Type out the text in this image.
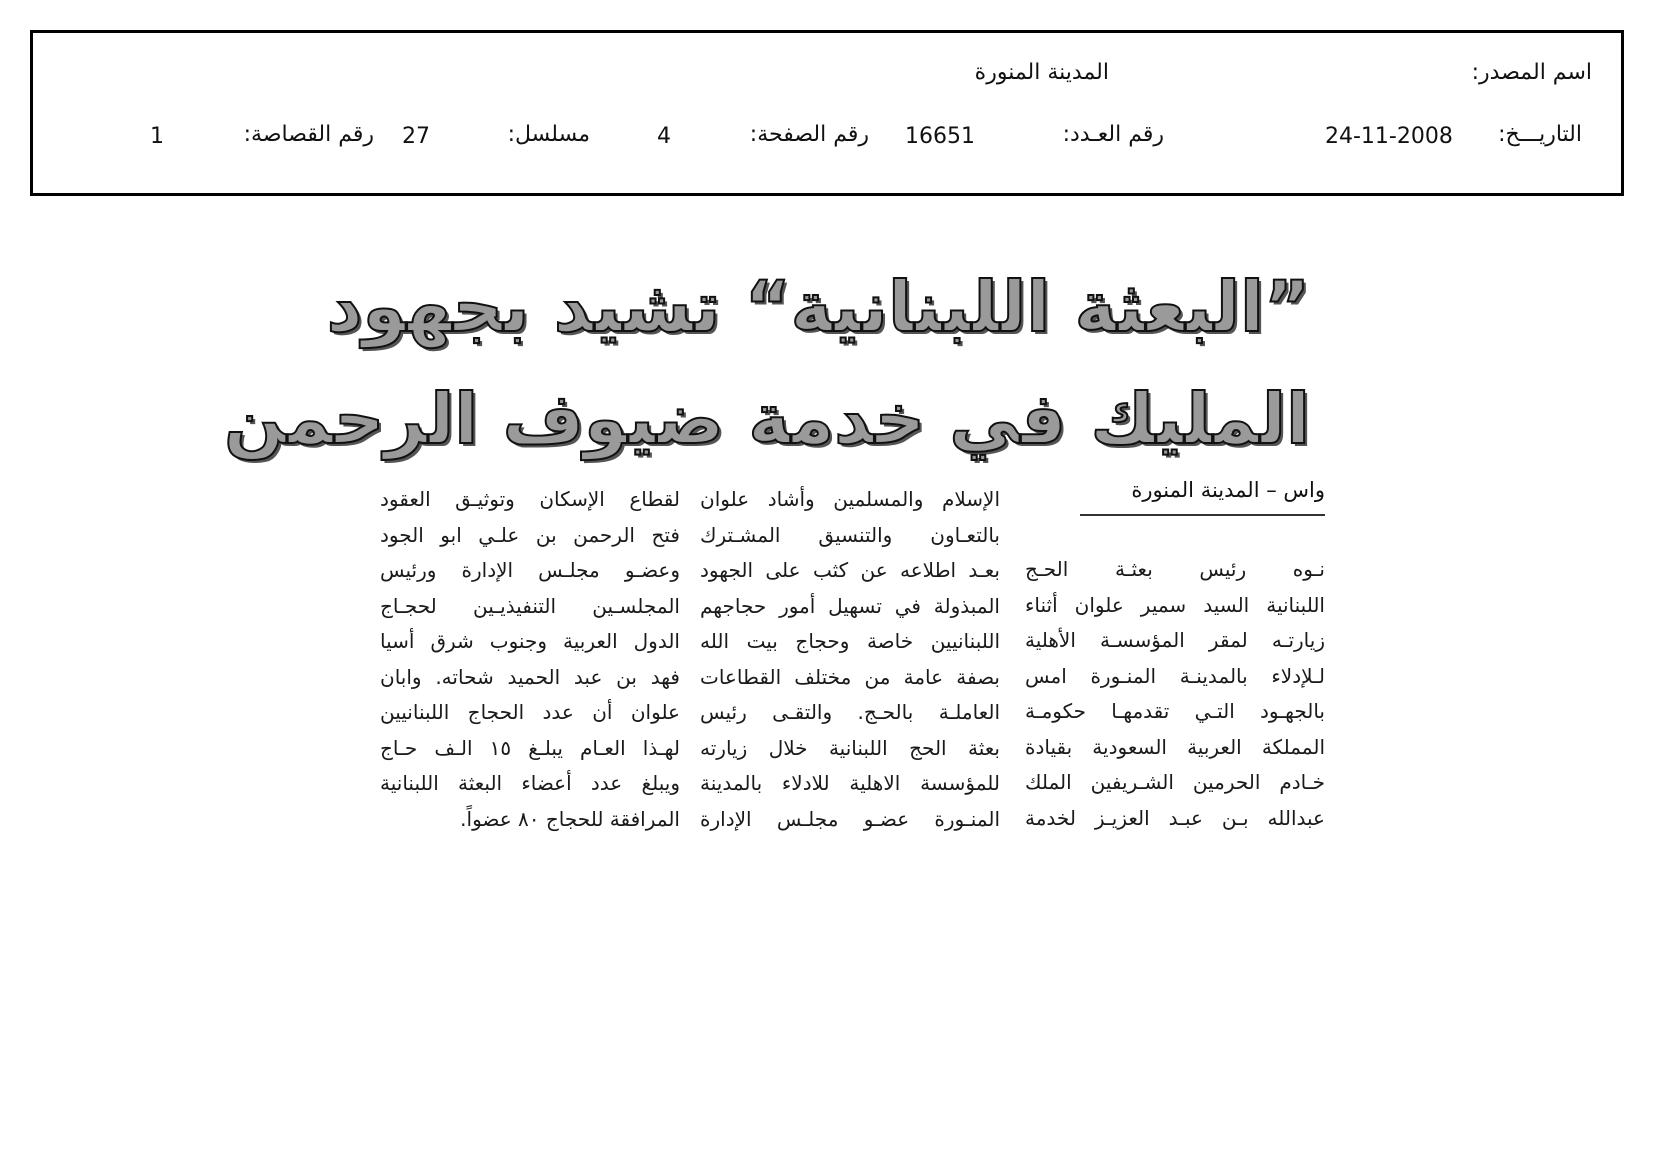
اسم المصدر:
المدينة المنورة
التاريـــخ:
24-11-2008
رقم العـدد:
16651
رقم الصفحة:
4
مسلسل:
27
رقم القصاصة:
1
”البعثة اللبنانية“ تشيد بجهود
المليك في خدمة ضيوف الرحمن
واس – المدينة المنورة
نـوه رئيس بعثـة الحـج
اللبنانية السيد سمير علوان أثناء
زيارتـه لمقر المؤسسـة الأهلية
لـلإدلاء بالمدينـة المنـورة امس
بالجهـود التـي تقدمهـا حكومـة
المملكة العربية السعودية بقيادة
خـادم الحرمين الشـريفين الملك
عبدالله بـن عبـد العزيـز لخدمة
الإسلام والمسلمين وأشاد علوان
بالتعـاون والتنسيق المشـترك
بعـد اطلاعه عن كثب على الجهود
المبذولة في تسهيل أمور حجاجهم
اللبنانيين خاصة وحجاج بيت الله
بصفة عامة من مختلف القطاعات
العاملـة بالحـج. والتقـى رئيس
بعثة الحج اللبنانية خلال زيارته
للمؤسسة الاهلية للادلاء بالمدينة
المنـورة عضـو مجلـس الإدارة
لقطاع الإسكان وتوثيـق العقود
فتح الرحمن بن علـي ابو الجود
وعضـو مجلـس الإدارة ورئيس
المجلسـين التنفيذيـين لحجـاج
الدول العربية وجنوب شرق أسيا
فهد بن عبد الحميد شحاته. وابان
علوان أن عدد الحجاج اللبنانيين
لهـذا العـام يبلـغ ١٥ الـف حـاج
ويبلغ عدد أعضاء البعثة اللبنانية
المرافقة للحجاج ٨٠ عضواً.
